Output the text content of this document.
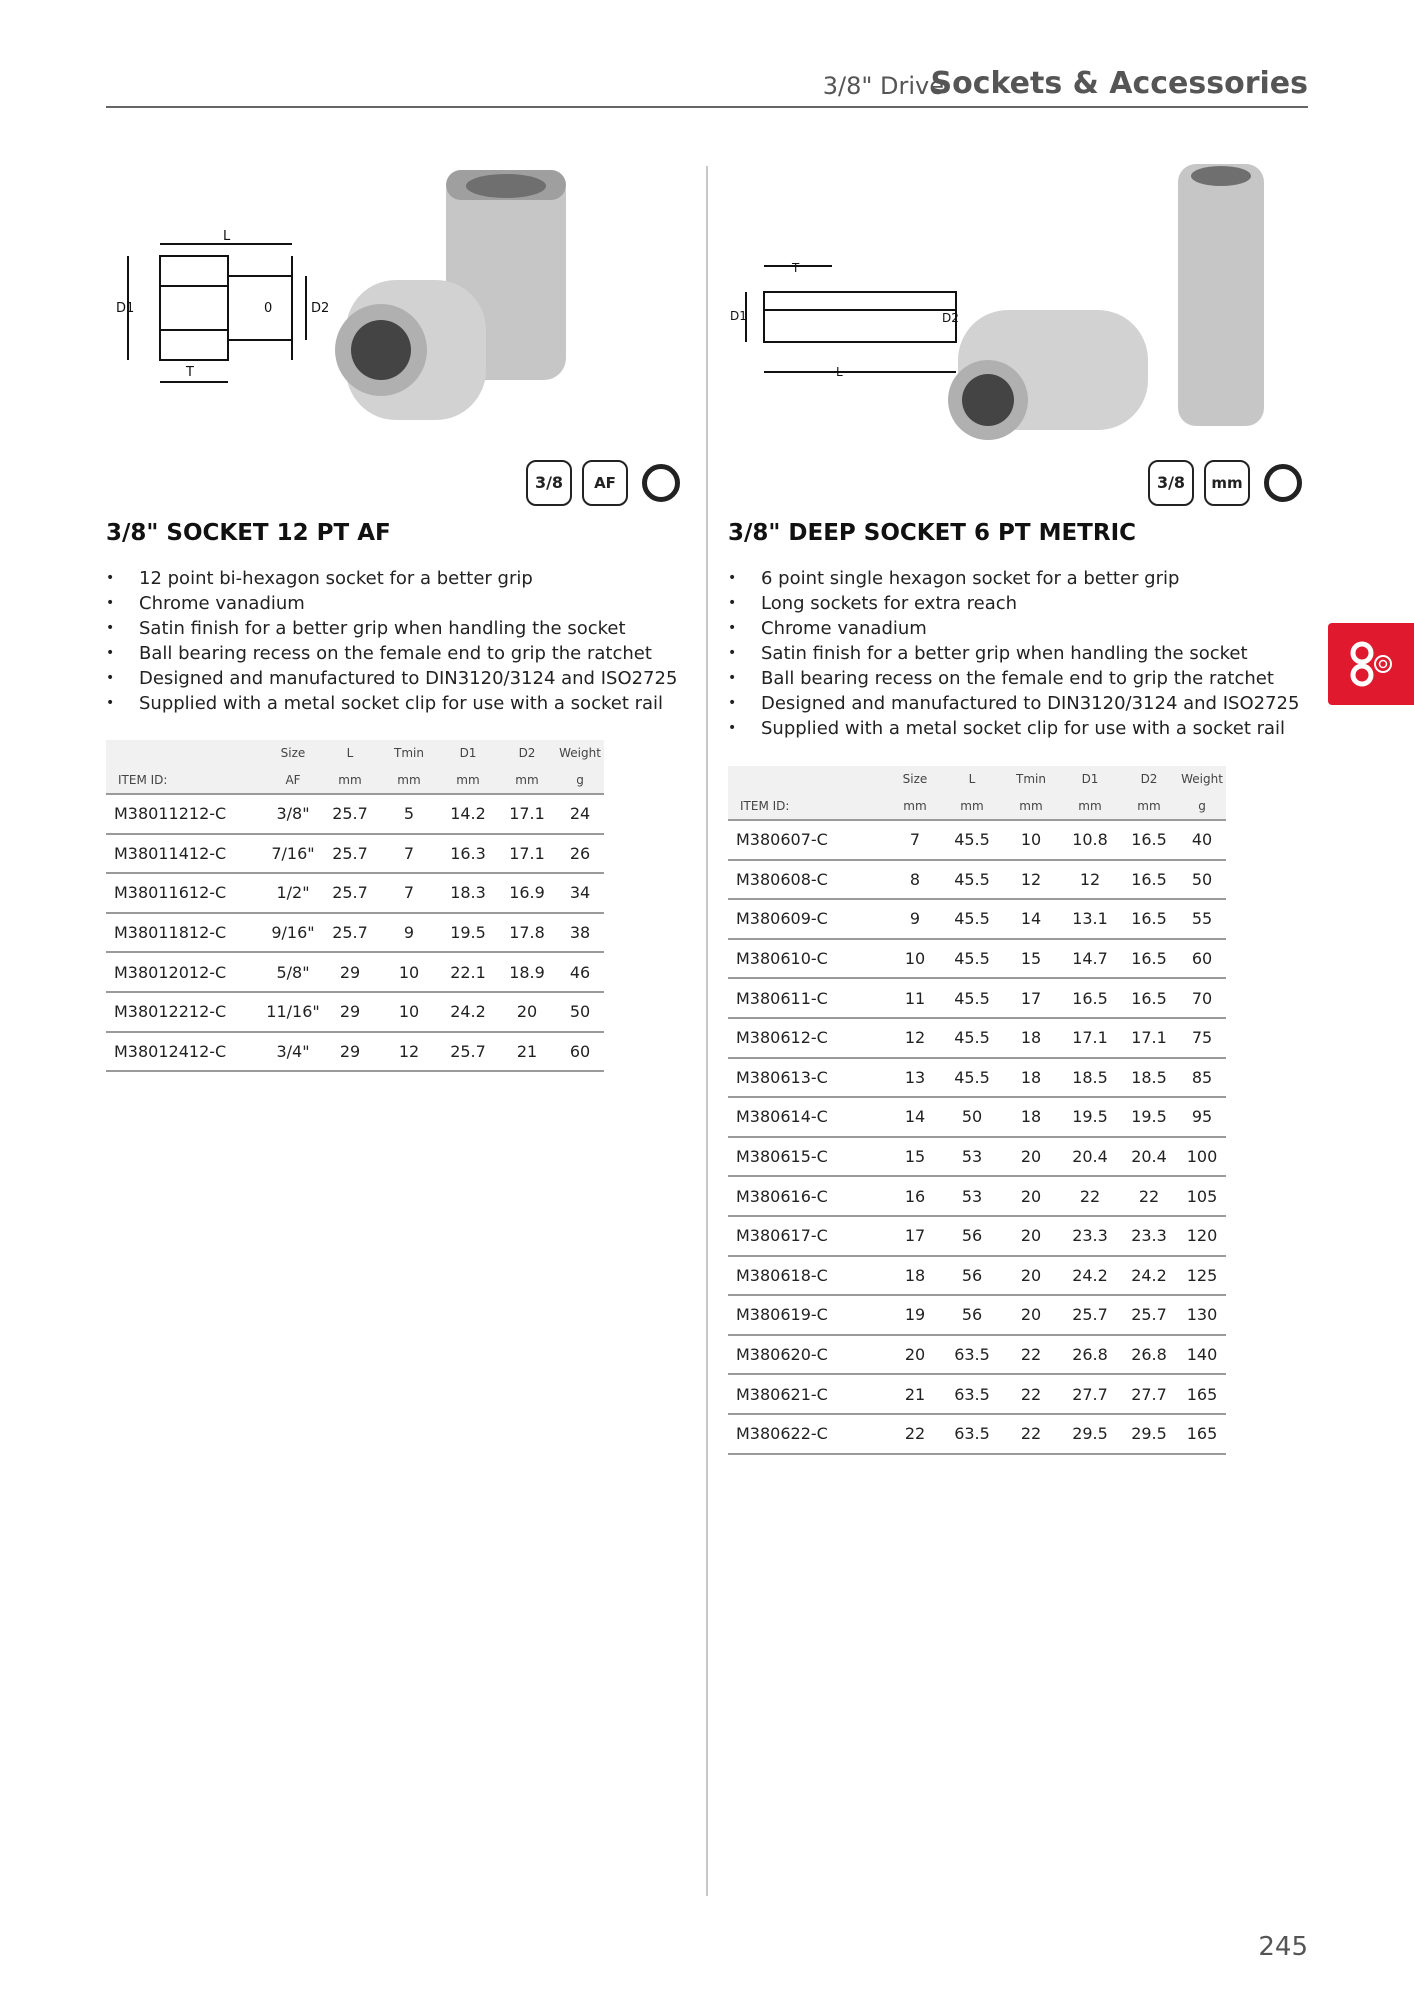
3/8" Drive
Sockets & Accessories
L
D1	D2
T
0
3 / 8	AF
3/8" SOCKET 12 PT AF
• 12 point bi-hexagon socket for a better grip
• Chrome vanadium
• Satin finish for a better grip when handling the socket
• Ball bearing recess on the female end to grip the ratchet
• Designed and manufactured to DIN3120/3124 and ISO2725
• Supplied with a metal socket clip for use with a socket rail
	Size	L	Tmin	D1	D2	Weight
ITEM ID:	AF	mm	mm	mm	mm	g
M38011212-C	3/8"	25.7	5	14.2	17.1	24
M38011412-C	7/16"	25.7	7	16.3	17.1	26
M38011612-C	1/2"	25.7	7	18.3	16.9	34
M38011812-C	9/16"	25.7	9	19.5	17.8	38
M38012012-C	5/8"	29	10	22.1	18.9	46
M38012212-C	11/16"	29	10	24.2	20	50
M38012412-C	3/4"	29	12	25.7	21	60
T
D1	D2
L
3 / 8	mm
3/8" DEEP SOCKET 6 PT METRIC
• 6 point single hexagon socket for a better grip
• Long sockets for extra reach
• Chrome vanadium
• Satin finish for a better grip when handling the socket
• Ball bearing recess on the female end to grip the ratchet
• Designed and manufactured to DIN3120/3124 and ISO2725
• Supplied with a metal socket clip for use with a socket rail
	Size	L	Tmin	D1	D2	Weight
ITEM ID:	mm	mm	mm	mm	mm	g
M380607-C	7	45.5	10	10.8	16.5	40
M380608-C	8	45.5	12	12	16.5	50
M380609-C	9	45.5	14	13.1	16.5	55
M380610-C	10	45.5	15	14.7	16.5	60
M380611-C	11	45.5	17	16.5	16.5	70
M380612-C	12	45.5	18	17.1	17.1	75
M380613-C	13	45.5	18	18.5	18.5	85
M380614-C	14	50	18	19.5	19.5	95
M380615-C	15	53	20	20.4	20.4	100
M380616-C	16	53	20	22	22	105
M380617-C	17	56	20	23.3	23.3	120
M380618-C	18	56	20	24.2	24.2	125
M380619-C	19	56	20	25.7	25.7	130
M380620-C	20	63.5	22	26.8	26.8	140
M380621-C	21	63.5	22	27.7	27.7	165
M380622-C	22	63.5	22	29.5	29.5	165
245
